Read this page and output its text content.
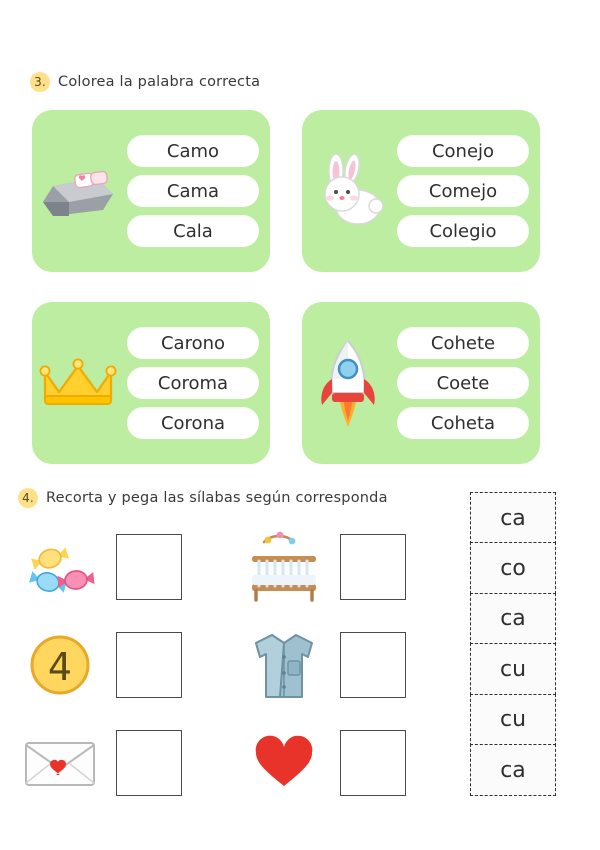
3. Colorea la palabra correcta
Camo
Cama
Cala
Conejo
Comejo
Colegio
Carono
Coroma
Corona
Cohete
Coete
Coheta
4. Recorta y pega las sílabas según corresponda
4
ca
co
ca
cu
cu
ca
